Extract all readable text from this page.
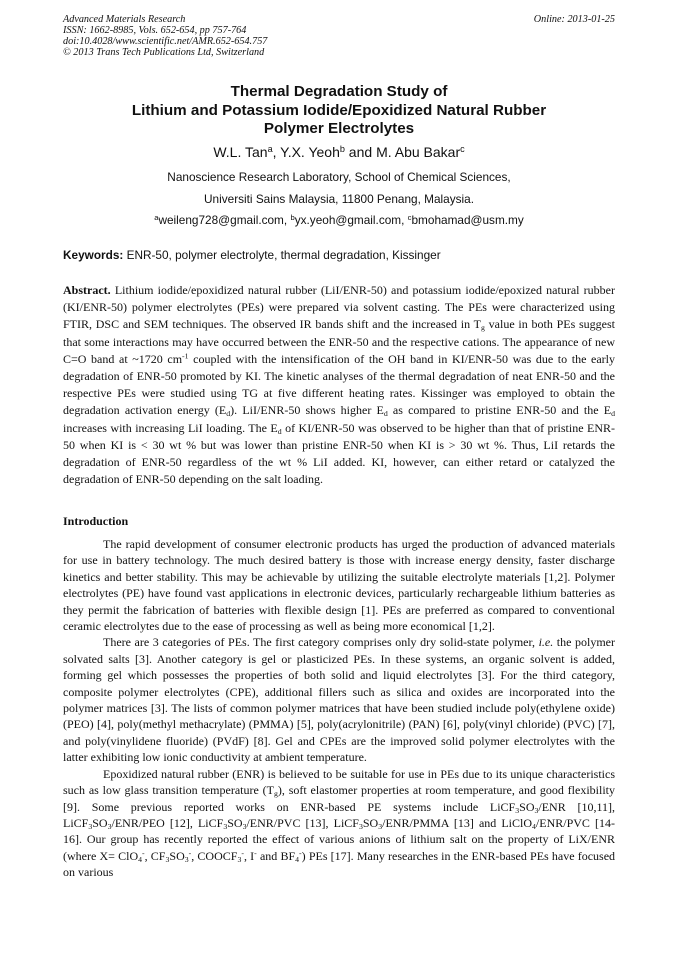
Advanced Materials Research
ISSN: 1662-8985, Vols. 652-654, pp 757-764
doi:10.4028/www.scientific.net/AMR.652-654.757
© 2013 Trans Tech Publications Ltd, Switzerland
Online: 2013-01-25
Thermal Degradation Study of
Lithium and Potassium Iodide/Epoxidized Natural Rubber
Polymer Electrolytes
W.L. Tan$^a$, Y.X. Yeoh$^b$ and M. Abu Bakar$^c$
Nanoscience Research Laboratory, School of Chemical Sciences,
Universiti Sains Malaysia, 11800 Penang, Malaysia.
$^a$weileng728@gmail.com, $^b$yx.yeoh@gmail.com, $^c$bmohamad@usm.my
Keywords: ENR-50, polymer electrolyte, thermal degradation, Kissinger
Abstract. Lithium iodide/epoxidized natural rubber (LiI/ENR-50) and potassium iodide/epoxized natural rubber (KI/ENR-50) polymer electrolytes (PEs) were prepared via solvent casting. The PEs were characterized using FTIR, DSC and SEM techniques. The observed IR bands shift and the increased in $T_g$ value in both PEs suggest that some interactions may have occurred between the ENR-50 and the respective cations. The appearance of new C=O band at ~1720 $cm^{-1}$ coupled with the intensification of the OH band in KI/ENR-50 was due to the early degradation of ENR-50 promoted by KI. The kinetic analyses of the thermal degradation of neat ENR-50 and the respective PEs were studied using TG at five different heating rates. Kissinger was employed to obtain the degradation activation energy $(E_d)$. LiI/ENR-50 shows higher $E_d$ as compared to pristine ENR-50 and the $E_d$ increases with increasing LiI loading. The $E_d$ of KI/ENR-50 was observed to be higher than that of pristine ENR-50 when KI is < 30 wt % but was lower than pristine ENR-50 when KI is > 30 wt %. Thus, LiI retards the degradation of ENR-50 regardless of the wt % LiI added. KI, however, can either retard or catalyzed the degradation of ENR-50 depending on the salt loading.
Introduction

The rapid development of consumer electronic products has urged the production of advanced materials for use in battery technology. The much desired battery is those with increase energy density, faster discharge kinetics and better stability. This may be achievable by utilizing the suitable electrolyte materials [1,2]. Polymer electrolytes (PE) have found vast applications in electronic devices, particularly rechargeable lithium batteries as they permit the fabrication of batteries with flexible design [1]. PEs are preferred as compared to conventional ceramic electrolytes due to the ease of processing as well as being more economical [1,2].

There are 3 categories of PEs. The first category comprises only dry solid-state polymer, i.e. the polymer solvated salts [3]. Another category is gel or plasticized PEs. In these systems, an organic solvent is added, forming gel which possesses the properties of both solid and liquid electrolytes [3]. For the third category, composite polymer electrolytes (CPE), additional fillers such as silica and oxides are incorporated into the polymer matrices [3]. The lists of common polymer matrices that have been studied include poly(ethylene oxide) (PEO) [4], poly(methyl methacrylate) (PMMA) [5], poly(acrylonitrile) (PAN) [6], poly(vinyl chloride) (PVC) [7], and poly(vinylidene fluoride) (PVdF) [8]. Gel and CPEs are the improved solid polymer electrolytes with the latter exhibiting low ionic conductivity at ambient temperature.

Epoxidized natural rubber (ENR) is believed to be suitable for use in PEs due to its unique characteristics such as low glass transition temperature $(T_g)$, soft elastomer properties at room temperature, and good flexibility [9]. Some previous reported works on ENR-based PE systems include $LiCF_3SO_3$/ENR [10,11], $LiCF_3SO_3/ENR$/PEO [12], $LiCF_3SO_3/ENR$/PVC [13], $LiCF_3SO_3/ENR$/PMMA [13] and LiClO$_4$/ENR/PVC [14-16]. Our group has recently reported the effect of various anions of lithium salt on the property of LiX/ENR (where X= ClO$_4$-, $CF_3SO_3^-$, $COOCF_3^-$, I- and $BF_4^-$) PEs [17]. Many researches in the ENR-based PEs have focused on various
